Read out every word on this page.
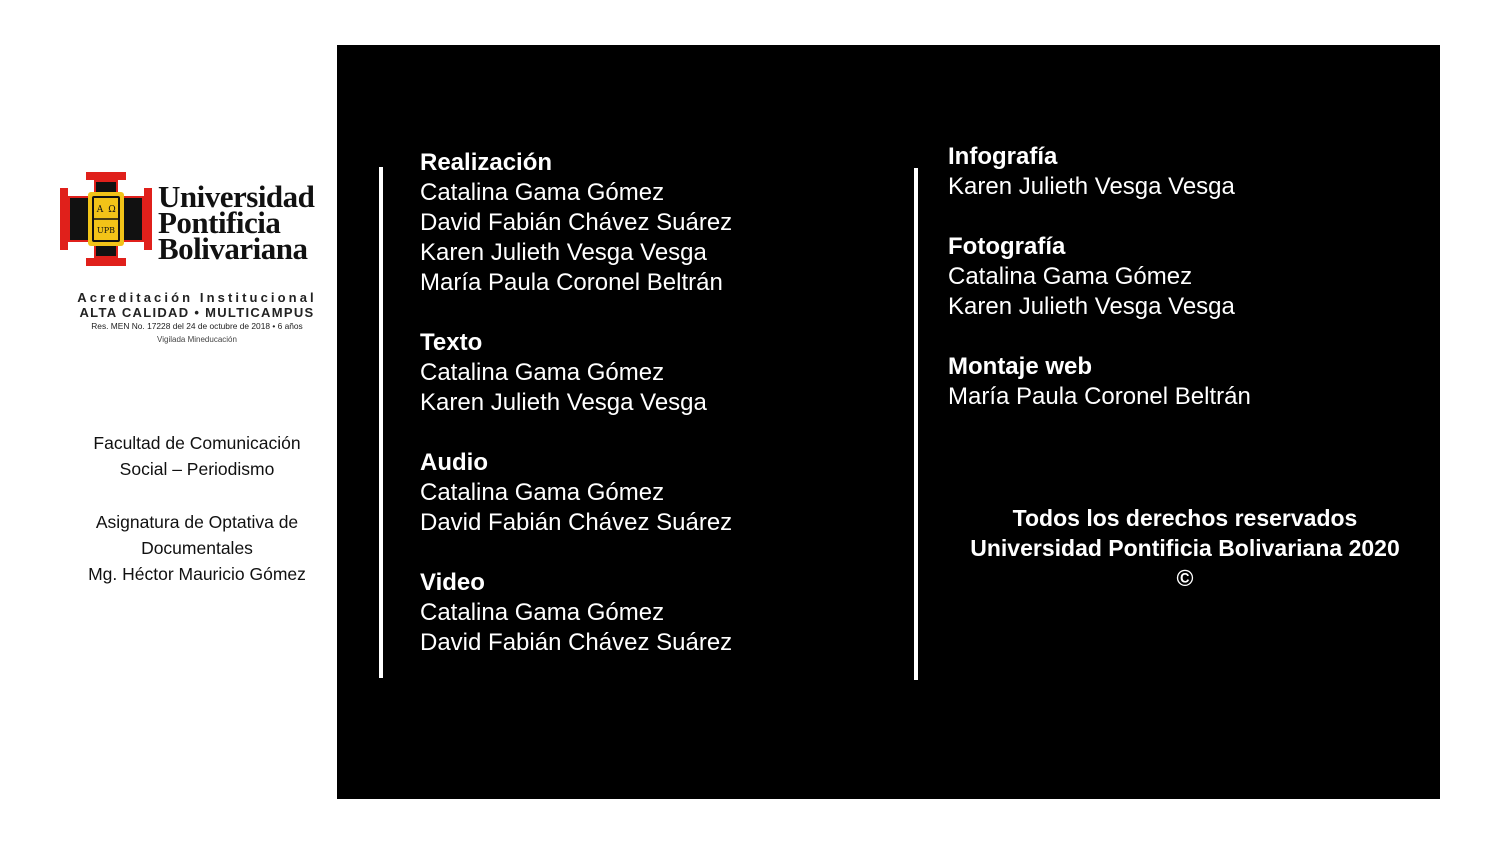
Α Ω
UPB
Universidad
Pontificia
Bolivariana
Acreditación Institucional
ALTA CALIDAD • MULTICAMPUS
Res. MEN No. 17228 del 24 de octubre de 2018 • 6 años
Vigilada Mineducación
Facultad de Comunicación
Social – Periodismo
Asignatura de Optativa de
Documentales
Mg. Héctor Mauricio Gómez
Realización
Catalina Gama Gómez
David Fabián Chávez Suárez
Karen Julieth Vesga Vesga
María Paula Coronel Beltrán
Texto
Catalina Gama Gómez
Karen Julieth Vesga Vesga
Audio
Catalina Gama Gómez
David Fabián Chávez Suárez
Video
Catalina Gama Gómez
David Fabián Chávez Suárez
Infografía
Karen Julieth Vesga Vesga
Fotografía
Catalina Gama Gómez
Karen Julieth Vesga Vesga
Montaje web
María Paula Coronel Beltrán
Todos los derechos reservados
Universidad Pontificia Bolivariana 2020
©
